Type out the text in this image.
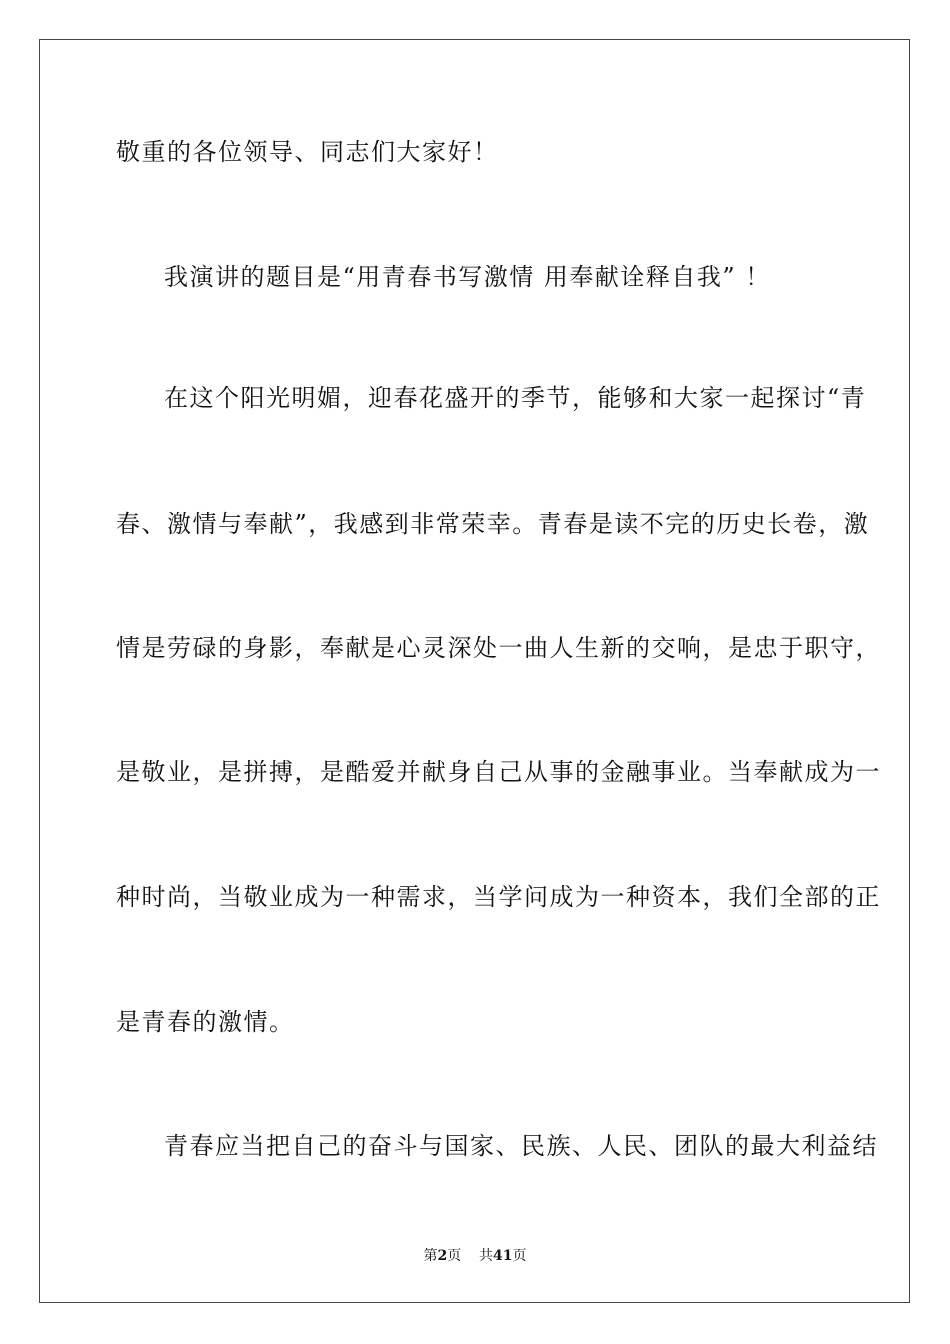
敬重的各位领导、同志们大家好！
我演讲的题目是“用青春书写激情 用奉献诠释自我” ！
在这个阳光明媚，迎春花盛开的季节，能够和大家一起探讨“青
春、激情与奉献”，我感到非常荣幸。青春是读不完的历史长卷，激
情是劳碌的身影，奉献是心灵深处一曲人生新的交响，是忠于职守，
是敬业，是拼搏，是酷爱并献身自己从事的金融事业。当奉献成为一
种时尚，当敬业成为一种需求，当学问成为一种资本，我们全部的正
是青春的激情。
青春应当把自己的奋斗与国家、民族、人民、团队的最大利益结
第2页 共41页
